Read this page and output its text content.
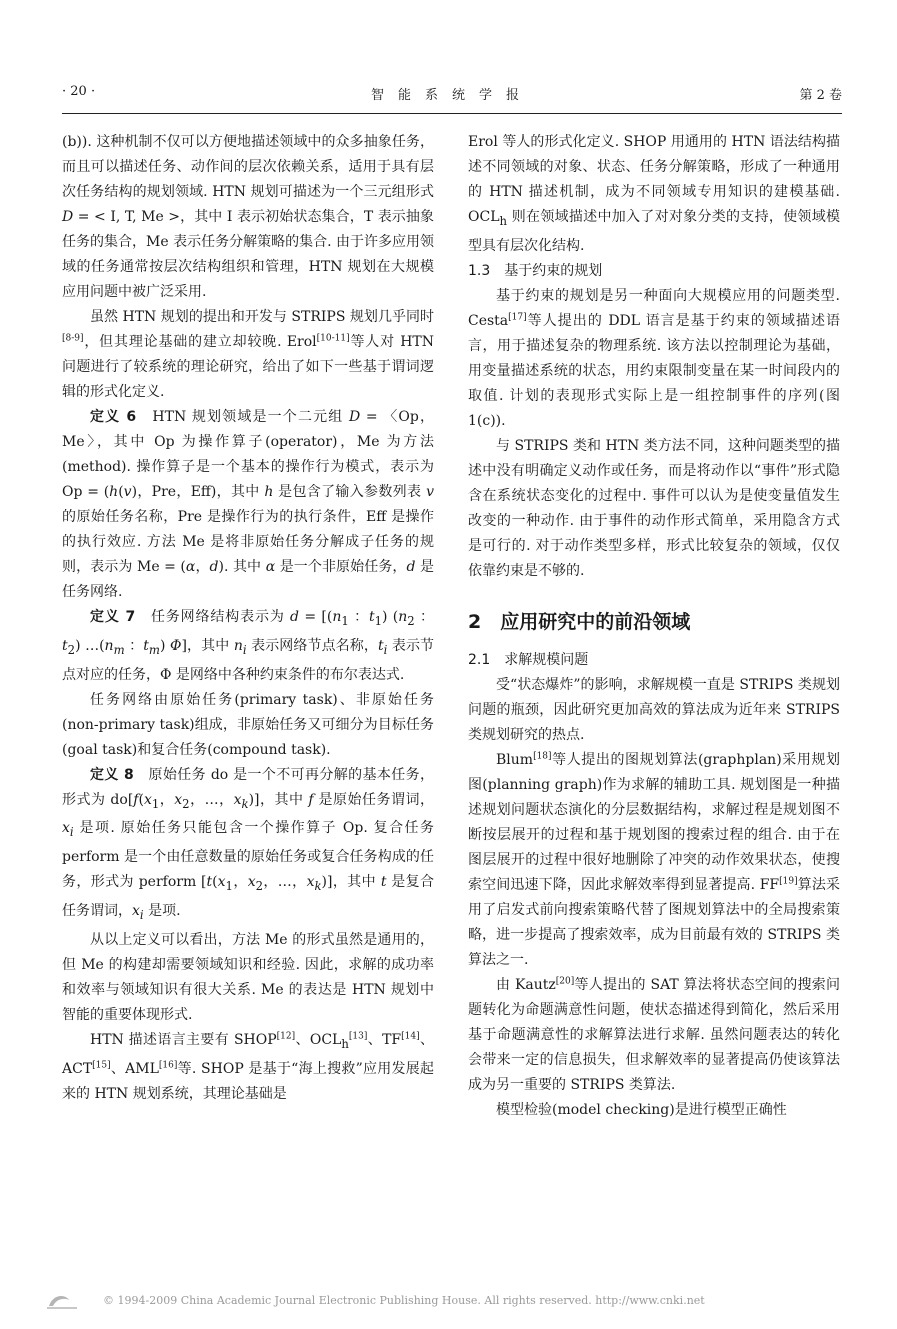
· 20 ·	智能系统学报	第 2 卷

(b)). 这种机制不仅可以方便地描述领域中的众多抽象任务，而且可以描述任务、动作间的层次依赖关系，适用于具有层次任务结构的规划领域. HTN 规划可描述为一个三元组形式 D = < I, T, Me >，其中 I 表示初始状态集合，T 表示抽象任务的集合，Me 表示任务分解策略的集合. 由于许多应用领域的任务通常按层次结构组织和管理，HTN 规划在大规模应用问题中被广泛采用.

虽然 HTN 规划的提出和开发与 STRIPS 规划几乎同时[8-9]，但其理论基础的建立却较晚. Erol[10-11]等人对 HTN 问题进行了较系统的理论研究，给出了如下一些基于谓词逻辑的形式化定义.

定义 6　HTN 规划领域是一个二元组 D = 〈Op，Me〉，其中 Op 为操作算子(operator)，Me 为方法(method). 操作算子是一个基本的操作行为模式，表示为 Op = (h(v)，Pre，Eff)，其中 h 是包含了输入参数列表 v 的原始任务名称，Pre 是操作行为的执行条件，Eff 是操作的执行效应. 方法 Me 是将非原始任务分解成子任务的规则，表示为 Me = (α，d). 其中 α 是一个非原始任务，d 是任务网络.

定义 7　任务网络结构表示为 $d = [(n_1$ ：$t_1$) ($n_2$ ：$t_2$) $\dots(n_m$ ：$t_m$) Φ]，其中 $n_i$ 表示网络节点名称，$t_i$ 表示节点对应的任务，Φ 是网络中各种约束条件的布尔表达式.

任务网络由原始任务(primary task)、非原始任务(non-primary task)组成，非原始任务又可细分为目标任务(goal task)和复合任务(compound task).

定义 8　原始任务 do 是一个不可再分解的基本任务，形式为 $do[f(x_1$，$x_2$，…，$x_k$)]，其中 f 是原始任务谓词，$x_i$ 是项. 原始任务只能包含一个操作算子 Op. 复合任务 perform 是一个由任意数量的原始任务或复合任务构成的任务，形式为 perform [$t(x_1$，$x_2$，…，$x_k$)]，其中 t 是复合任务谓词，$x_i$ 是项.

从以上定义可以看出，方法 Me 的形式虽然是通用的，但 Me 的构建却需要领域知识和经验. 因此，求解的成功率和效率与领域知识有很大关系. Me 的表达是 HTN 规划中智能的重要体现形式.

HTN 描述语言主要有 SHOP[12]、$OCL_h[13]$、TF[14]、ACT[15]、AML[16]等. SHOP 是基于“海上搜救”应用发展起来的 HTN 规划系统，其理论基础是

Erol 等人的形式化定义. SHOP 用通用的 HTN 语法结构描述不同领域的对象、状态、任务分解策略，形成了一种通用的 HTN 描述机制，成为不同领域专用知识的建模基础. $OCL_h$ 则在领域描述中加入了对对象分类的支持，使领域模型具有层次化结构.

1.3　基于约束的规划

基于约束的规划是另一种面向大规模应用的问题类型. Cesta[17]等人提出的 DDL 语言是基于约束的领域描述语言，用于描述复杂的物理系统. 该方法以控制理论为基础，用变量描述系统的状态，用约束限制变量在某一时间段内的取值. 计划的表现形式实际上是一组控制事件的序列(图 1(c)).

与 STRIPS 类和 HTN 类方法不同，这种问题类型的描述中没有明确定义动作或任务，而是将动作以“事件”形式隐含在系统状态变化的过程中. 事件可以认为是使变量值发生改变的一种动作. 由于事件的动作形式简单，采用隐含方式是可行的. 对于动作类型多样，形式比较复杂的领域，仅仅依靠约束是不够的.

2　应用研究中的前沿领域

2.1　求解规模问题

受“状态爆炸”的影响，求解规模一直是 STRIPS 类规划问题的瓶颈，因此研究更加高效的算法成为近年来 STRIPS 类规划研究的热点.

Blum[18]等人提出的图规划算法(graphplan)采用规划图(planning graph)作为求解的辅助工具. 规划图是一种描述规划问题状态演化的分层数据结构，求解过程是规划图不断按层展开的过程和基于规划图的搜索过程的组合. 由于在图层展开的过程中很好地删除了冲突的动作效果状态，使搜索空间迅速下降，因此求解效率得到显著提高. FF[19]算法采用了启发式前向搜索策略代替了图规划算法中的全局搜索策略，进一步提高了搜索效率，成为目前最有效的 STRIPS 类算法之一.

由 Kautz[20]等人提出的 SAT 算法将状态空间的搜索问题转化为命题满意性问题，使状态描述得到简化，然后采用基于命题满意性的求解算法进行求解. 虽然问题表达的转化会带来一定的信息损失，但求解效率的显著提高仍使该算法成为另一重要的 STRIPS 类算法.

模型检验(model checking)是进行模型正确性

© 1994-2009 China Academic Journal Electronic Publishing House. All rights reserved. http://www.cnki.net
